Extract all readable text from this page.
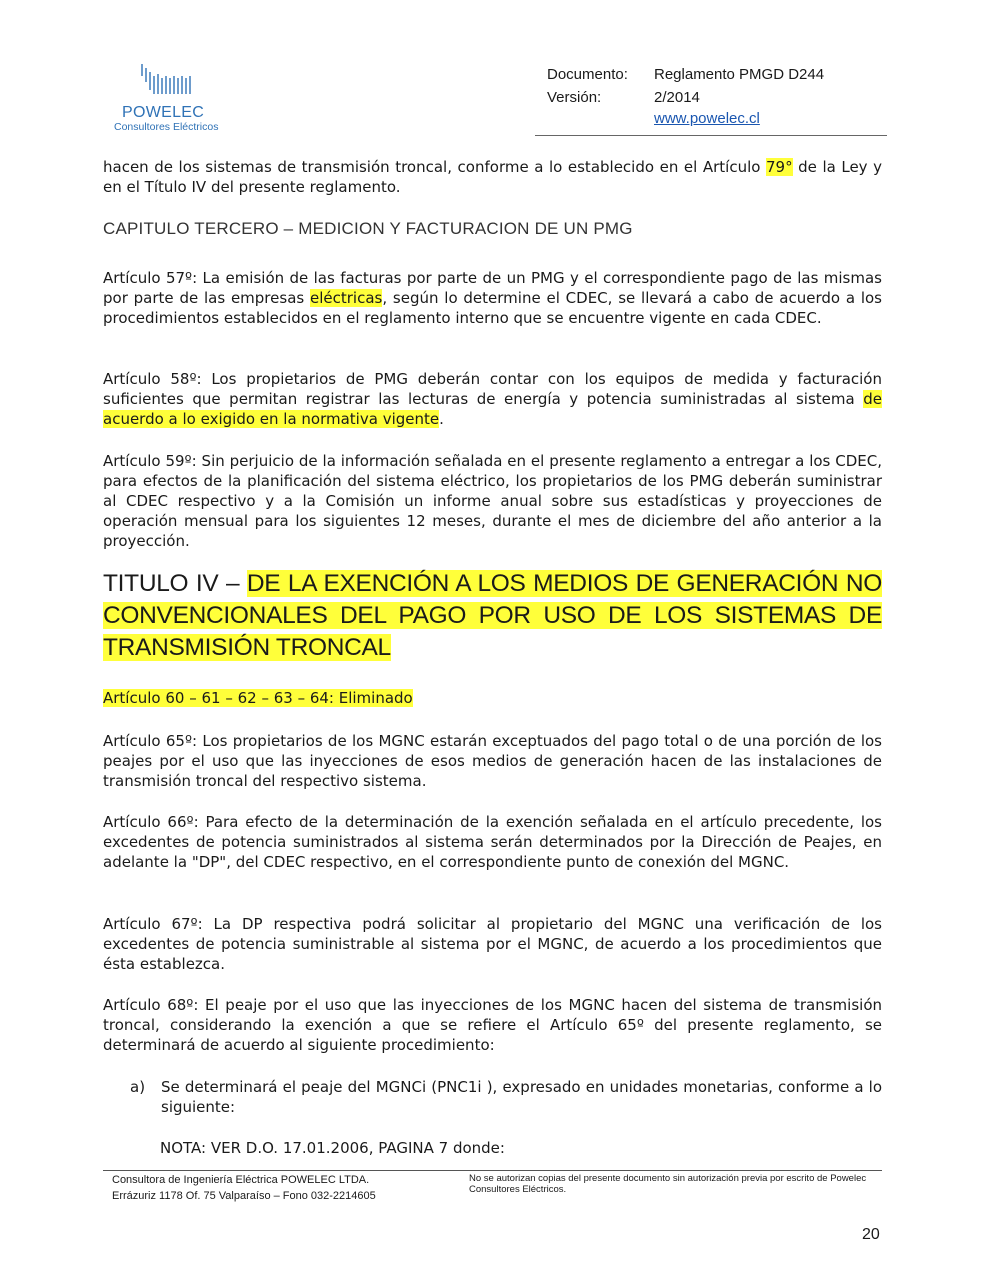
POWELEC
Consultores Eléctricos
Documento: Reglamento PMGD D244
Versión:	2/2014
www.powelec.cl

hacen de los sistemas de transmisión troncal, conforme a lo establecido en el Artículo 79° de la Ley y en el Título IV del presente reglamento.

CAPITULO TERCERO – MEDICION Y FACTURACION DE UN PMG

Artículo 57º: La emisión de las facturas por parte de un PMG y el correspondiente pago de las mismas por parte de las empresas eléctricas, según lo determine el CDEC, se llevará a cabo de acuerdo a los procedimientos establecidos en el reglamento interno que se encuentre vigente en cada CDEC.

Artículo 58º: Los propietarios de PMG deberán contar con los equipos de medida y facturación suficientes que permitan registrar las lecturas de energía y potencia suministradas al sistema de acuerdo a lo exigido en la normativa vigente.

Artículo 59º: Sin perjuicio de la información señalada en el presente reglamento a entregar a los CDEC, para efectos de la planificación del sistema eléctrico, los propietarios de los PMG deberán suministrar al CDEC respectivo y a la Comisión un informe anual sobre sus estadísticas y proyecciones de operación mensual para los siguientes 12 meses, durante el mes de diciembre del año anterior a la proyección.

TITULO IV – DE LA EXENCIÓN A LOS MEDIOS DE GENERACIÓN NO CONVENCIONALES DEL PAGO POR USO DE LOS SISTEMAS DE TRANSMISIÓN TRONCAL

Artículo 60 – 61 – 62 – 63 – 64: Eliminado

Artículo 65º: Los propietarios de los MGNC estarán exceptuados del pago total o de una porción de los peajes por el uso que las inyecciones de esos medios de generación hacen de las instalaciones de transmisión troncal del respectivo sistema.

Artículo 66º: Para efecto de la determinación de la exención señalada en el artículo precedente, los excedentes de potencia suministrados al sistema serán determinados por la Dirección de Peajes, en adelante la "DP", del CDEC respectivo, en el correspondiente punto de conexión del MGNC.

Artículo 67º: La DP respectiva podrá solicitar al propietario del MGNC una verificación de los excedentes de potencia suministrable al sistema por el MGNC, de acuerdo a los procedimientos que ésta establezca.

Artículo 68º: El peaje por el uso que las inyecciones de los MGNC hacen del sistema de transmisión troncal, considerando la exención a que se refiere el Artículo 65º del presente reglamento, se determinará de acuerdo al siguiente procedimiento:

a) Se determinará el peaje del MGNCi (PNC1i ), expresado en unidades monetarias, conforme a lo siguiente:
NOTA: VER D.O. 17.01.2006, PAGINA 7 donde:
Consultora de Ingeniería Eléctrica POWELEC LTDA.
Errázuriz 1178 Of. 75 Valparaíso – Fono 032-2214605
No se autorizan copias del presente documento sin autorización previa por escrito de Powelec Consultores Eléctricos.
20
